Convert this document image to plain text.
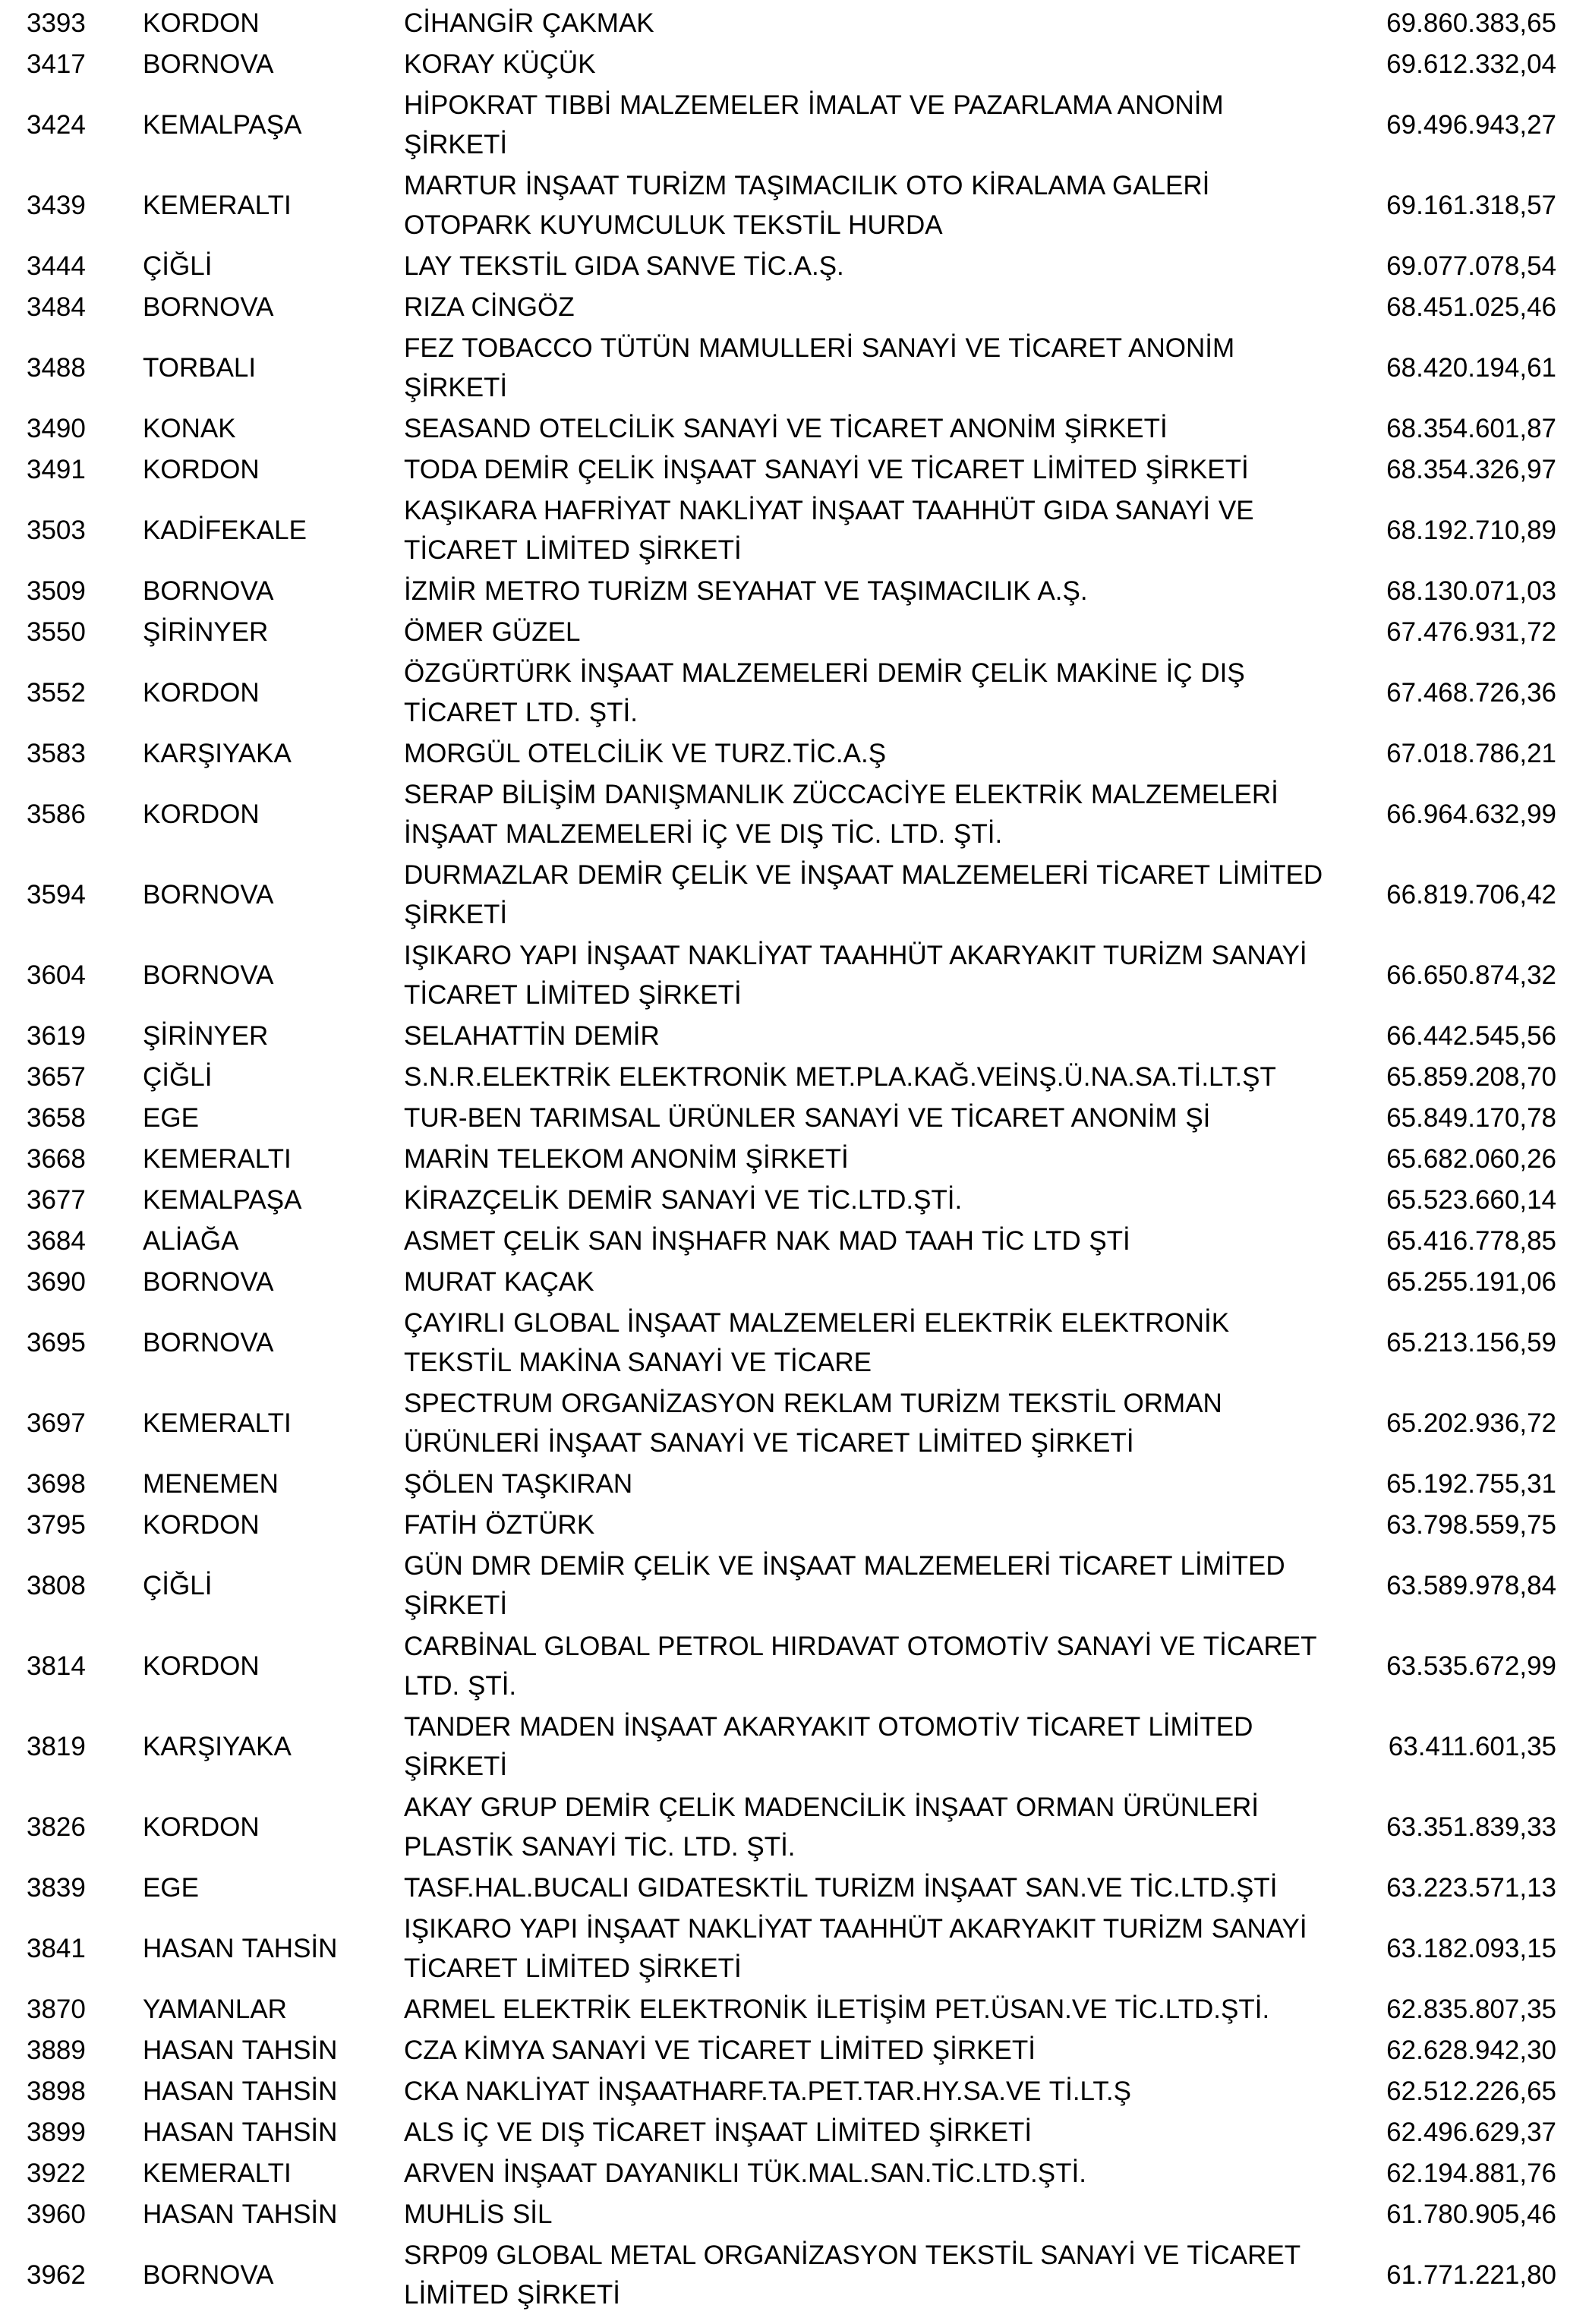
3393	KORDON	CİHANGİR ÇAKMAK	69.860.383,65
3417	BORNOVA	KORAY KÜÇÜK	69.612.332,04
3424	KEMALPAŞA	HİPOKRAT TIBBİ MALZEMELER İMALAT VE PAZARLAMA ANONİM ŞİRKETİ	69.496.943,27
3439	KEMERALTI	MARTUR İNŞAAT TURİZM TAŞIMACILIK OTO KİRALAMA GALERİ OTOPARK KUYUMCULUK TEKSTİL HURDA	69.161.318,57
3444	ÇİĞLİ	LAY TEKSTİL GIDA SANVE TİC.A.Ş.	69.077.078,54
3484	BORNOVA	RIZA CİNGÖZ	68.451.025,46
3488	TORBALI	FEZ TOBACCO TÜTÜN MAMULLERİ SANAYİ VE TİCARET ANONİM ŞİRKETİ	68.420.194,61
3490	KONAK	SEASAND OTELCİLİK SANAYİ VE TİCARET ANONİM ŞİRKETİ	68.354.601,87
3491	KORDON	TODA DEMİR ÇELİK İNŞAAT SANAYİ VE TİCARET LİMİTED ŞİRKETİ	68.354.326,97
3503	KADİFEKALE	KAŞIKARA HAFRİYAT NAKLİYAT İNŞAAT TAAHHÜT GIDA SANAYİ VE TİCARET LİMİTED ŞİRKETİ	68.192.710,89
3509	BORNOVA	İZMİR METRO TURİZM SEYAHAT VE TAŞIMACILIK A.Ş.	68.130.071,03
3550	ŞİRİNYER	ÖMER GÜZEL	67.476.931,72
3552	KORDON	ÖZGÜRTÜRK İNŞAAT MALZEMELERİ DEMİR ÇELİK MAKİNE İÇ DIŞ TİCARET LTD. ŞTİ.	67.468.726,36
3583	KARŞIYAKA	MORGÜL OTELCİLİK VE TURZ.TİC.A.Ş	67.018.786,21
3586	KORDON	SERAP BİLİŞİM DANIŞMANLIK ZÜCCACİYE ELEKTRİK MALZEMELERİ İNŞAAT MALZEMELERİ İÇ VE DIŞ TİC. LTD. ŞTİ.	66.964.632,99
3594	BORNOVA	DURMAZLAR DEMİR ÇELİK VE İNŞAAT MALZEMELERİ TİCARET LİMİTED ŞİRKETİ	66.819.706,42
3604	BORNOVA	IŞIKARO YAPI İNŞAAT NAKLİYAT TAAHHÜT AKARYAKIT TURİZM SANAYİ TİCARET LİMİTED ŞİRKETİ	66.650.874,32
3619	ŞİRİNYER	SELAHATTİN DEMİR	66.442.545,56
3657	ÇİĞLİ	S.N.R.ELEKTRİK ELEKTRONİK MET.PLA.KAĞ.VEİNŞ.Ü.NA.SA.Tİ.LT.ŞT	65.859.208,70
3658	EGE	TUR-BEN TARIMSAL ÜRÜNLER SANAYİ VE TİCARET ANONİM Şİ	65.849.170,78
3668	KEMERALTI	MARİN TELEKOM ANONİM ŞİRKETİ	65.682.060,26
3677	KEMALPAŞA	KİRAZÇELİK DEMİR SANAYİ VE TİC.LTD.ŞTİ.	65.523.660,14
3684	ALİAĞA	ASMET ÇELİK SAN İNŞHAFR NAK MAD TAAH TİC LTD ŞTİ	65.416.778,85
3690	BORNOVA	MURAT KAÇAK	65.255.191,06
3695	BORNOVA	ÇAYIRLI GLOBAL İNŞAAT MALZEMELERİ ELEKTRİK ELEKTRONİK TEKSTİL MAKİNA SANAYİ VE TİCARE	65.213.156,59
3697	KEMERALTI	SPECTRUM ORGANİZASYON REKLAM TURİZM TEKSTİL ORMAN ÜRÜNLERİ İNŞAAT SANAYİ VE TİCARET LİMİTED ŞİRKETİ	65.202.936,72
3698	MENEMEN	ŞÖLEN TAŞKIRAN	65.192.755,31
3795	KORDON	FATİH ÖZTÜRK	63.798.559,75
3808	ÇİĞLİ	GÜN DMR DEMİR ÇELİK VE İNŞAAT MALZEMELERİ TİCARET LİMİTED ŞİRKETİ	63.589.978,84
3814	KORDON	CARBİNAL GLOBAL PETROL HIRDAVAT OTOMOTİV SANAYİ VE TİCARET LTD. ŞTİ.	63.535.672,99
3819	KARŞIYAKA	TANDER MADEN İNŞAAT AKARYAKIT OTOMOTİV TİCARET LİMİTED ŞİRKETİ	63.411.601,35
3826	KORDON	AKAY GRUP DEMİR ÇELİK MADENCİLİK İNŞAAT ORMAN ÜRÜNLERİ PLASTİK SANAYİ TİC. LTD. ŞTİ.	63.351.839,33
3839	EGE	TASF.HAL.BUCALI GIDATESKTİL TURİZM İNŞAAT SAN.VE TİC.LTD.ŞTİ	63.223.571,13
3841	HASAN TAHSİN	IŞIKARO YAPI İNŞAAT NAKLİYAT TAAHHÜT AKARYAKIT TURİZM SANAYİ TİCARET LİMİTED ŞİRKETİ	63.182.093,15
3870	YAMANLAR	ARMEL ELEKTRİK ELEKTRONİK İLETİŞİM PET.ÜSAN.VE TİC.LTD.ŞTİ.	62.835.807,35
3889	HASAN TAHSİN	CZA KİMYA SANAYİ VE TİCARET LİMİTED ŞİRKETİ	62.628.942,30
3898	HASAN TAHSİN	CKA NAKLİYAT İNŞAATHARF.TA.PET.TAR.HY.SA.VE Tİ.LT.Ş	62.512.226,65
3899	HASAN TAHSİN	ALS İÇ VE DIŞ TİCARET İNŞAAT LİMİTED ŞİRKETİ	62.496.629,37
3922	KEMERALTI	ARVEN İNŞAAT DAYANIKLI TÜK.MAL.SAN.TİC.LTD.ŞTİ.	62.194.881,76
3960	HASAN TAHSİN	MUHLİS SİL	61.780.905,46
3962	BORNOVA	SRP09 GLOBAL METAL ORGANİZASYON TEKSTİL SANAYİ VE TİCARET LİMİTED ŞİRKETİ	61.771.221,80
